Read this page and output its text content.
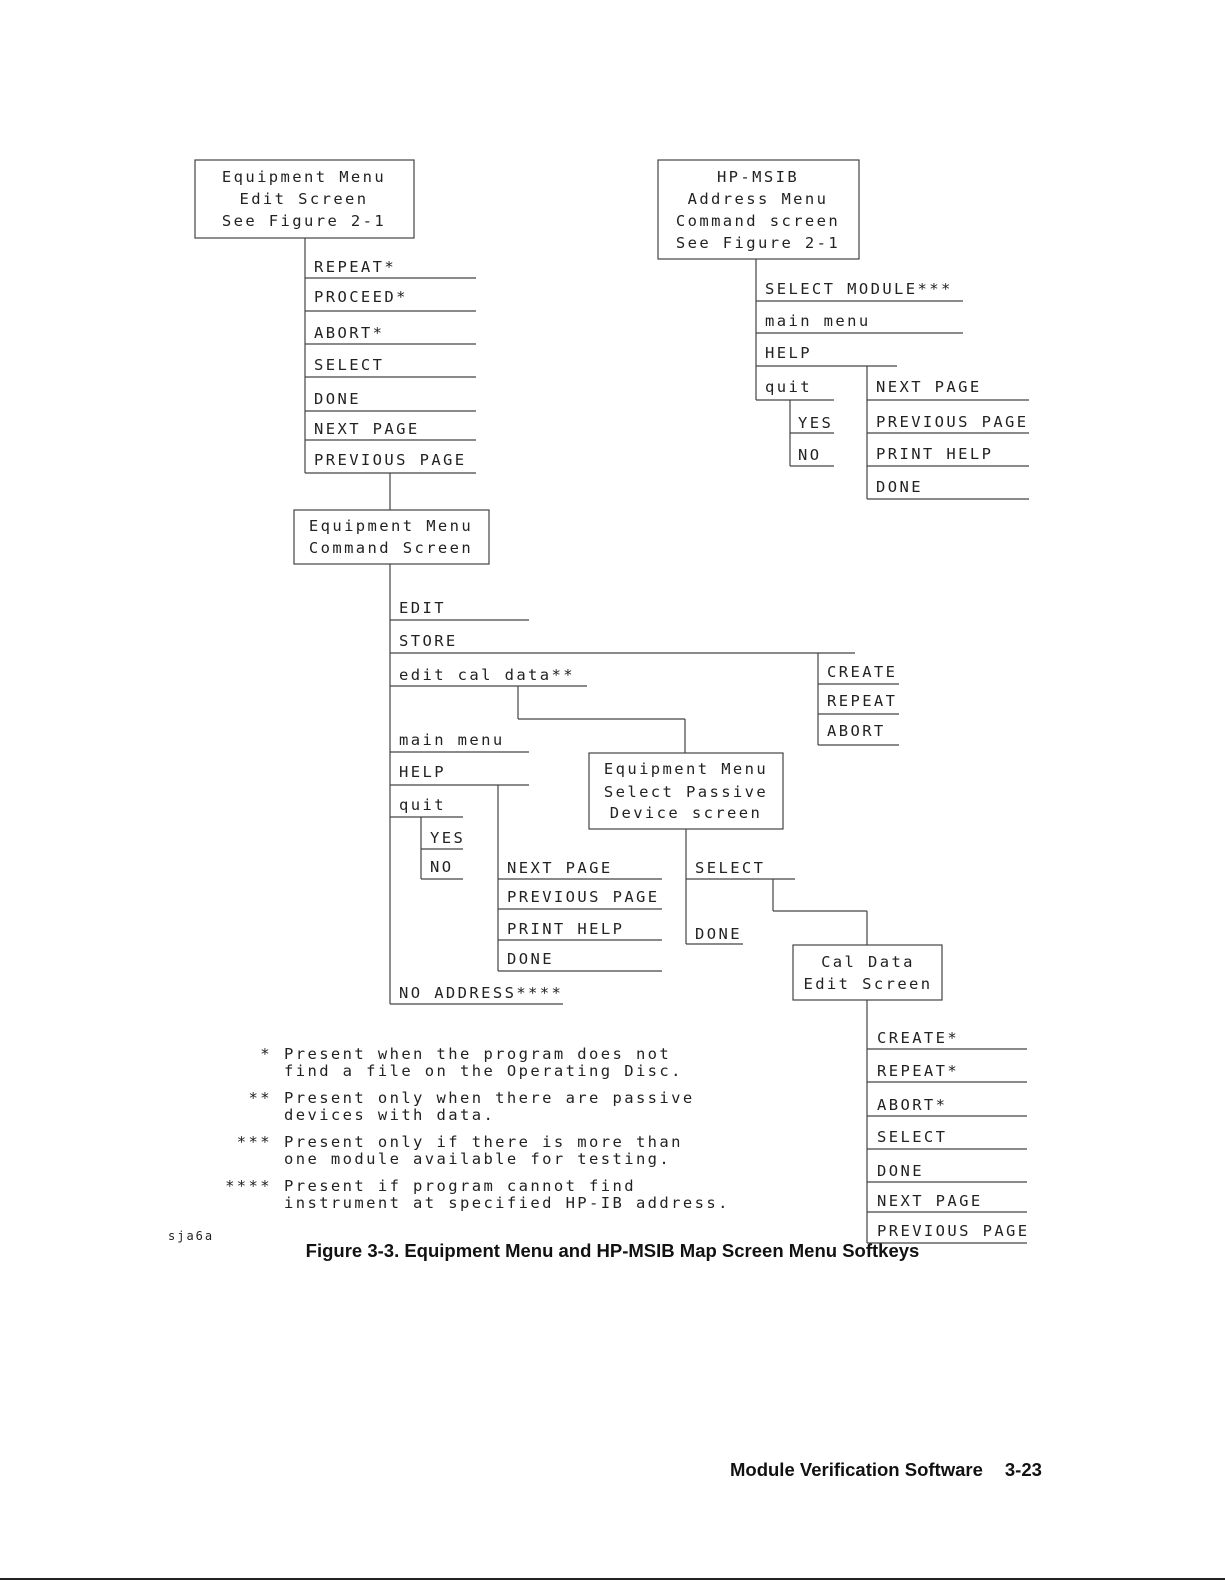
Equipment Menu
Edit Screen
See Figure 2-1
REPEAT*
PROCEED*
ABORT*
SELECT
DONE
NEXT PAGE
PREVIOUS PAGE
HP-MSIB
Address Menu
Command screen
See Figure 2-1
SELECT MODULE***
main menu
HELP
quit
YES
NO
NEXT PAGE
PREVIOUS PAGE
PRINT HELP
DONE
Equipment Menu
Command Screen
EDIT
STORE
edit cal data**
main menu
HELP
quit
NO ADDRESS****
CREATE
REPEAT
ABORT
YES
NO	NEXT PAGE
PREVIOUS PAGE
PRINT HELP
DONE
Equipment Menu
Select Passive
Device screen
SELECT
DONE
Cal Data
Edit Screen
CREATE*
REPEAT*
ABORT*
SELECT
DONE
NEXT PAGE
PREVIOUS PAGE
* Present when the program does not
find a file on the Operating Disc.
** Present only when there are passive
devices with data.
*** Present only if there is more than
one module available for testing.
**** Present if program cannot find
instrument at specified HP-IB address.
sja6a
Figure 3-3. Equipment Menu and HP-MSIB Map Screen Menu Softkeys
Module Verification Software 3-23
